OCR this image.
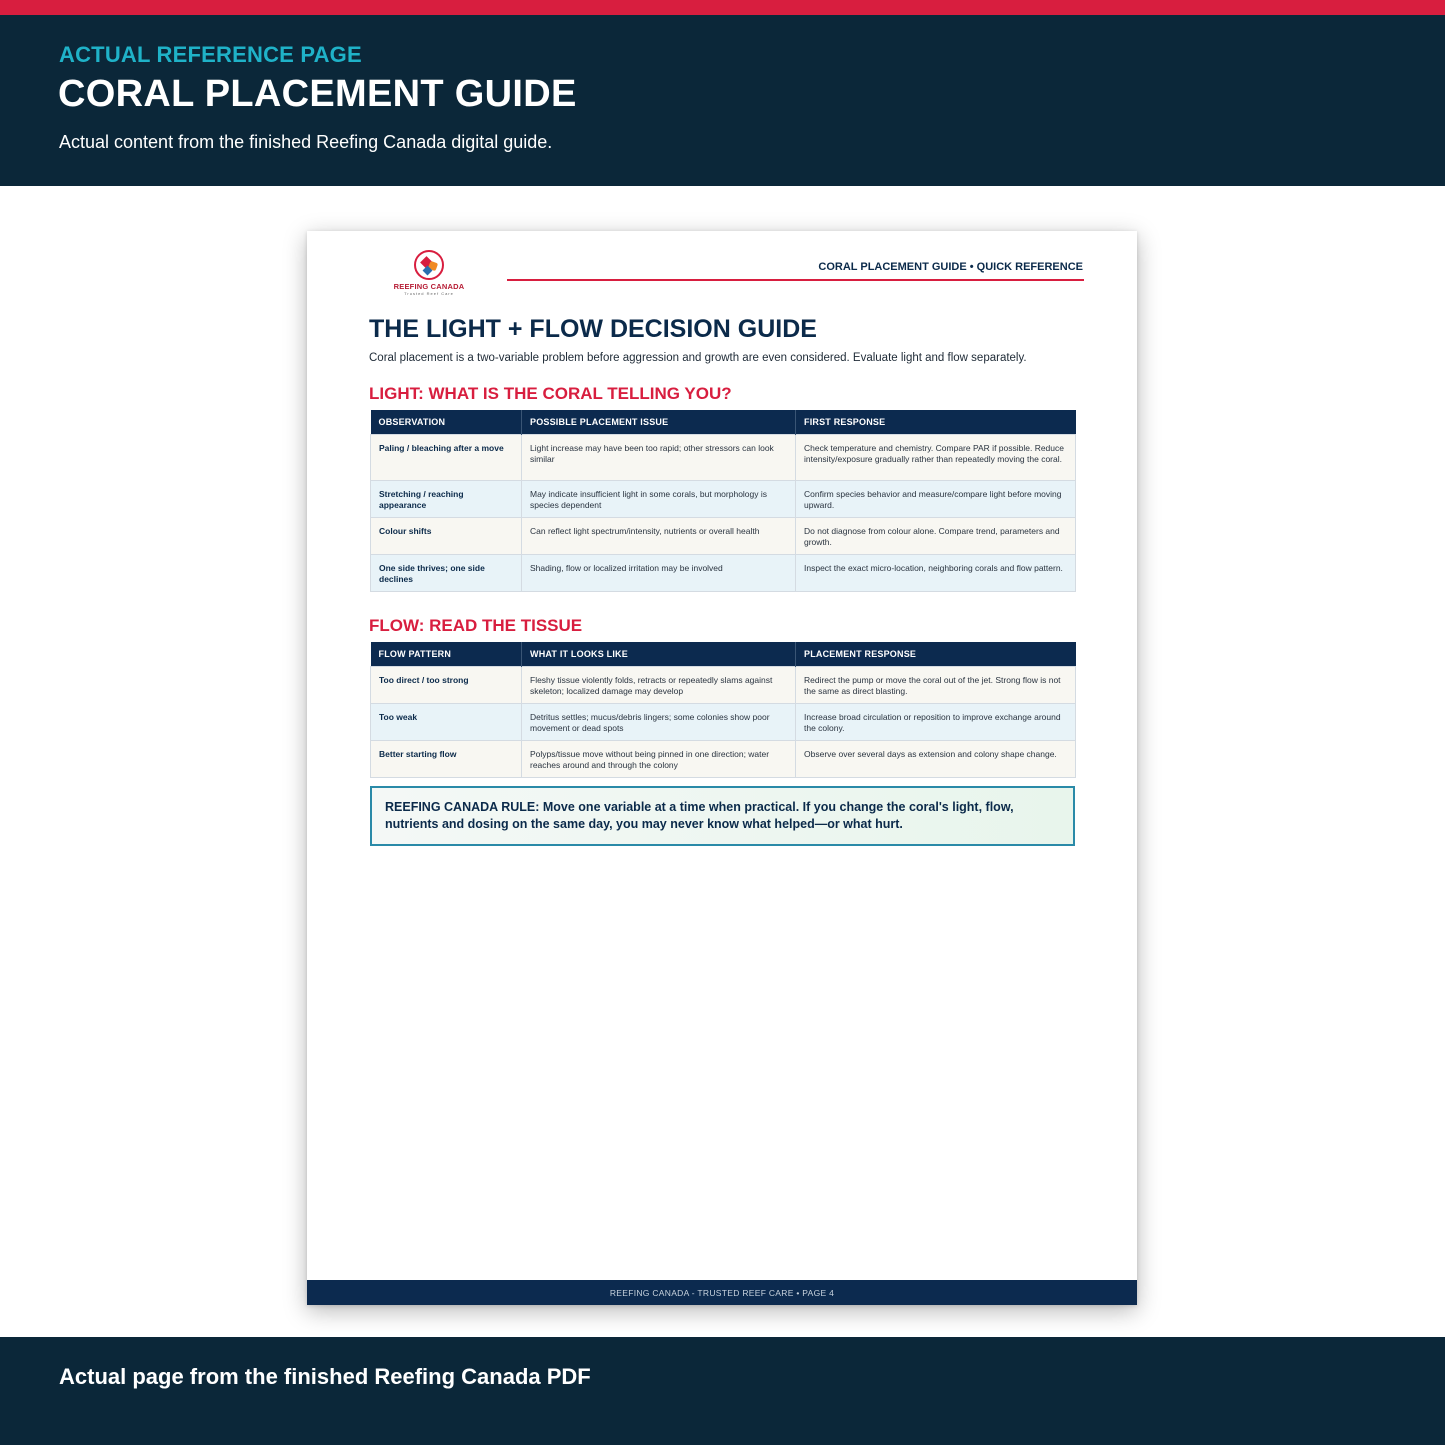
ACTUAL REFERENCE PAGE
CORAL PLACEMENT GUIDE
Actual content from the finished Reefing Canada digital guide.
REEFING CANADA
Trusted Reef Care
CORAL PLACEMENT GUIDE • QUICK REFERENCE
THE LIGHT + FLOW DECISION GUIDE
Coral placement is a two-variable problem before aggression and growth are even considered. Evaluate light and flow separately.
LIGHT: WHAT IS THE CORAL TELLING YOU?
OBSERVATION	POSSIBLE PLACEMENT ISSUE	FIRST RESPONSE
Paling / bleaching after a move	Light increase may have been too rapid; other stressors can look similar	Check temperature and chemistry. Compare PAR if possible. Reduce intensity/exposure gradually rather than repeatedly moving the coral.
Stretching / reaching appearance	May indicate insufficient light in some corals, but morphology is species dependent	Confirm species behavior and measure/compare light before moving upward.
Colour shifts	Can reflect light spectrum/intensity, nutrients or overall health	Do not diagnose from colour alone. Compare trend, parameters and growth.
One side thrives; one side declines	Shading, flow or localized irritation may be involved	Inspect the exact micro-location, neighboring corals and flow pattern.
FLOW: READ THE TISSUE
FLOW PATTERN	WHAT IT LOOKS LIKE	PLACEMENT RESPONSE
Too direct / too strong	Fleshy tissue violently folds, retracts or repeatedly slams against skeleton; localized damage may develop	Redirect the pump or move the coral out of the jet. Strong flow is not the same as direct blasting.
Too weak	Detritus settles; mucus/debris lingers; some colonies show poor movement or dead spots	Increase broad circulation or reposition to improve exchange around the colony.
Better starting flow	Polyps/tissue move without being pinned in one direction; water reaches around and through the colony	Observe over several days as extension and colony shape change.
REEFING CANADA RULE: Move one variable at a time when practical. If you change the coral's light, flow, nutrients and dosing on the same day, you may never know what helped—or what hurt.
REEFING CANADA - TRUSTED REEF CARE • PAGE 4
Actual page from the finished Reefing Canada PDF
